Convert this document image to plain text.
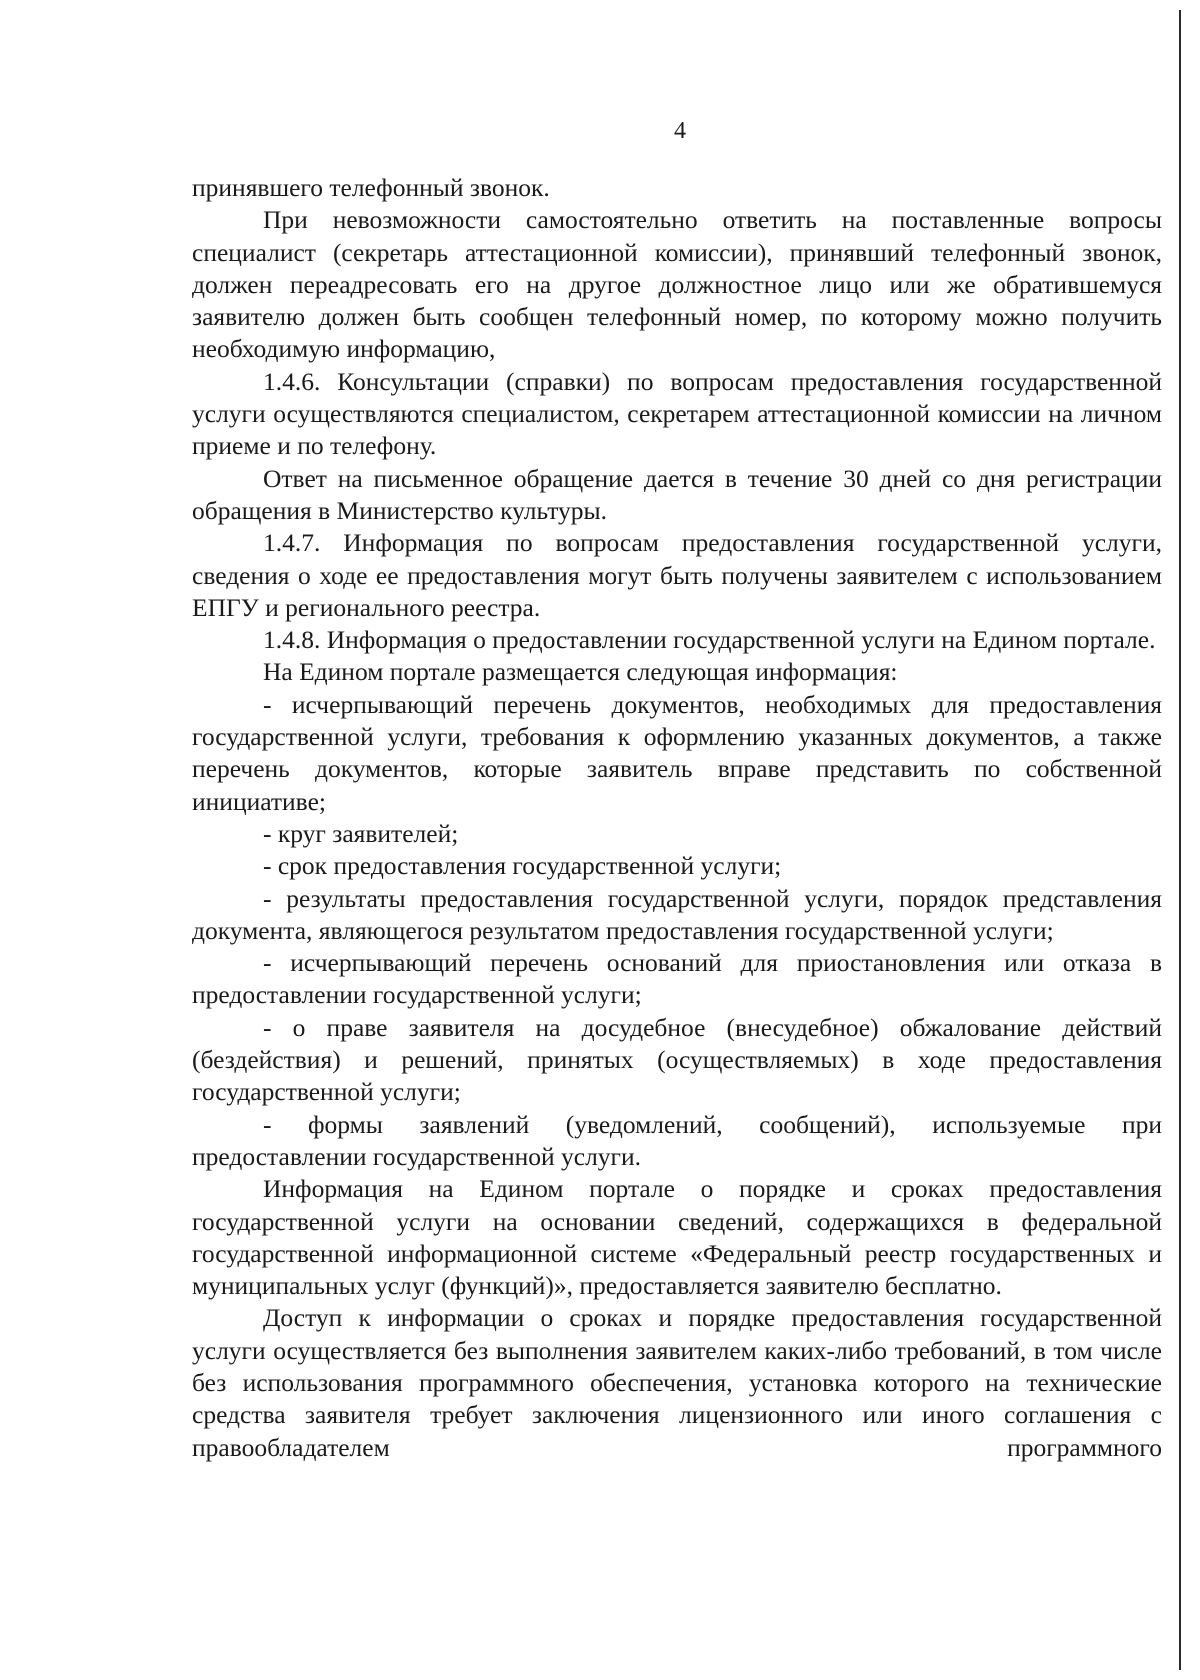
4

принявшего телефонный звонок.

При невозможности самостоятельно ответить на поставленные вопросы специалист (секретарь аттестационной комиссии), принявший телефонный звонок, должен переадресовать его на другое должностное лицо или же обратившемуся заявителю должен быть сообщен телефонный номер, по которому можно получить необходимую информацию,

1.4.6. Консультации (справки) по вопросам предоставления государственной услуги осуществляются специалистом, секретарем аттестационной комиссии на личном приеме и по телефону.

Ответ на письменное обращение дается в течение 30 дней со дня регистрации обращения в Министерство культуры.

1.4.7. Информация по вопросам предоставления государственной услуги, сведения о ходе ее предоставления могут быть получены заявителем с использованием ЕПГУ и регионального реестра.

1.4.8. Информация о предоставлении государственной услуги на Едином портале.

На Едином портале размещается следующая информация:

- исчерпывающий перечень документов, необходимых для предоставления государственной услуги, требования к оформлению указанных документов, а также перечень документов, которые заявитель вправе представить по собственной инициативе;

- круг заявителей;

- срок предоставления государственной услуги;

- результаты предоставления государственной услуги, порядок представления документа, являющегося результатом предоставления государственной услуги;

- исчерпывающий перечень оснований для приостановления или отказа в предоставлении государственной услуги;

- о праве заявителя на досудебное (внесудебное) обжалование действий (бездействия) и решений, принятых (осуществляемых) в ходе предоставления государственной услуги;

- формы заявлений (уведомлений, сообщений), используемые при предоставлении государственной услуги.

Информация на Едином портале о порядке и сроках предоставления государственной услуги на основании сведений, содержащихся в федеральной государственной информационной системе «Федеральный реестр государственных и муниципальных услуг (функций)», предоставляется заявителю бесплатно.

Доступ к информации о сроках и порядке предоставления государственной услуги осуществляется без выполнения заявителем каких-либо требований, в том числе без использования программного обеспечения, установка которого на технические средства заявителя требует заключения лицензионного или иного соглашения с правообладателем программного
